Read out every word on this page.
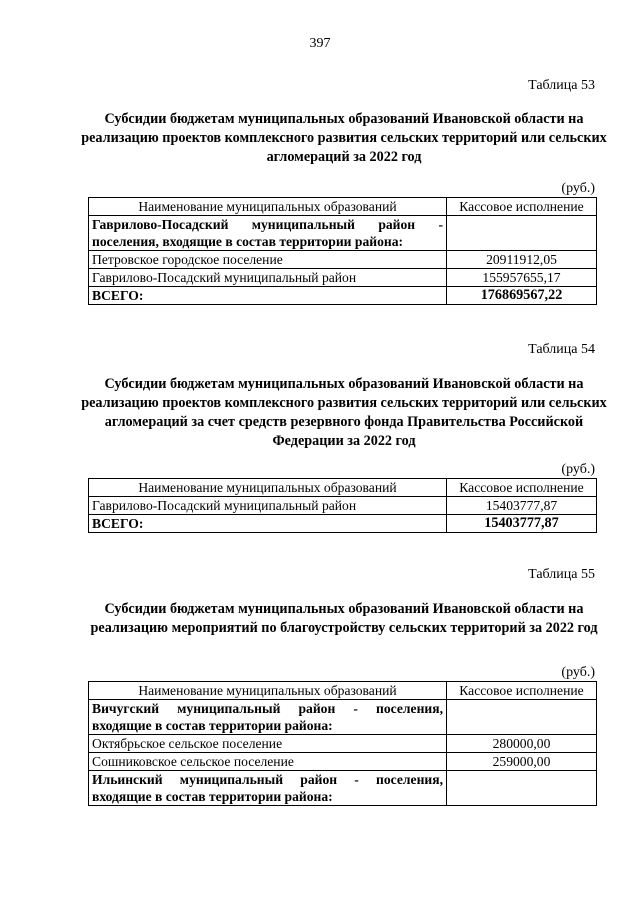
397
Таблица 53
Субсидии бюджетам муниципальных образований Ивановской области на реализацию проектов комплексного развития сельских территорий или сельских агломераций за 2022 год
(руб.)
Наименование муниципальных образований	Кассовое исполнение
Гаврилово-Посадский муниципальный район - поселения, входящие в состав территории района:	
Петровское городское поселение	20911912,05
Гаврилово-Посадский муниципальный район	155957655,17
ВСЕГО:	176869567,22
Таблица 54
Субсидии бюджетам муниципальных образований Ивановской области на реализацию проектов комплексного развития сельских территорий или сельских агломераций за счет средств резервного фонда Правительства Российской Федерации за 2022 год
(руб.)
Наименование муниципальных образований	Кассовое исполнение
Гаврилово-Посадский муниципальный район	15403777,87
ВСЕГО:	15403777,87
Таблица 55
Субсидии бюджетам муниципальных образований Ивановской области на реализацию мероприятий по благоустройству сельских территорий за 2022 год
(руб.)
Наименование муниципальных образований	Кассовое исполнение
Вичугский муниципальный район - поселения, входящие в состав территории района:	
Октябрьское сельское поселение	280000,00
Сошниковское сельское поселение	259000,00
Ильинский муниципальный район - поселения, входящие в состав территории района:	
